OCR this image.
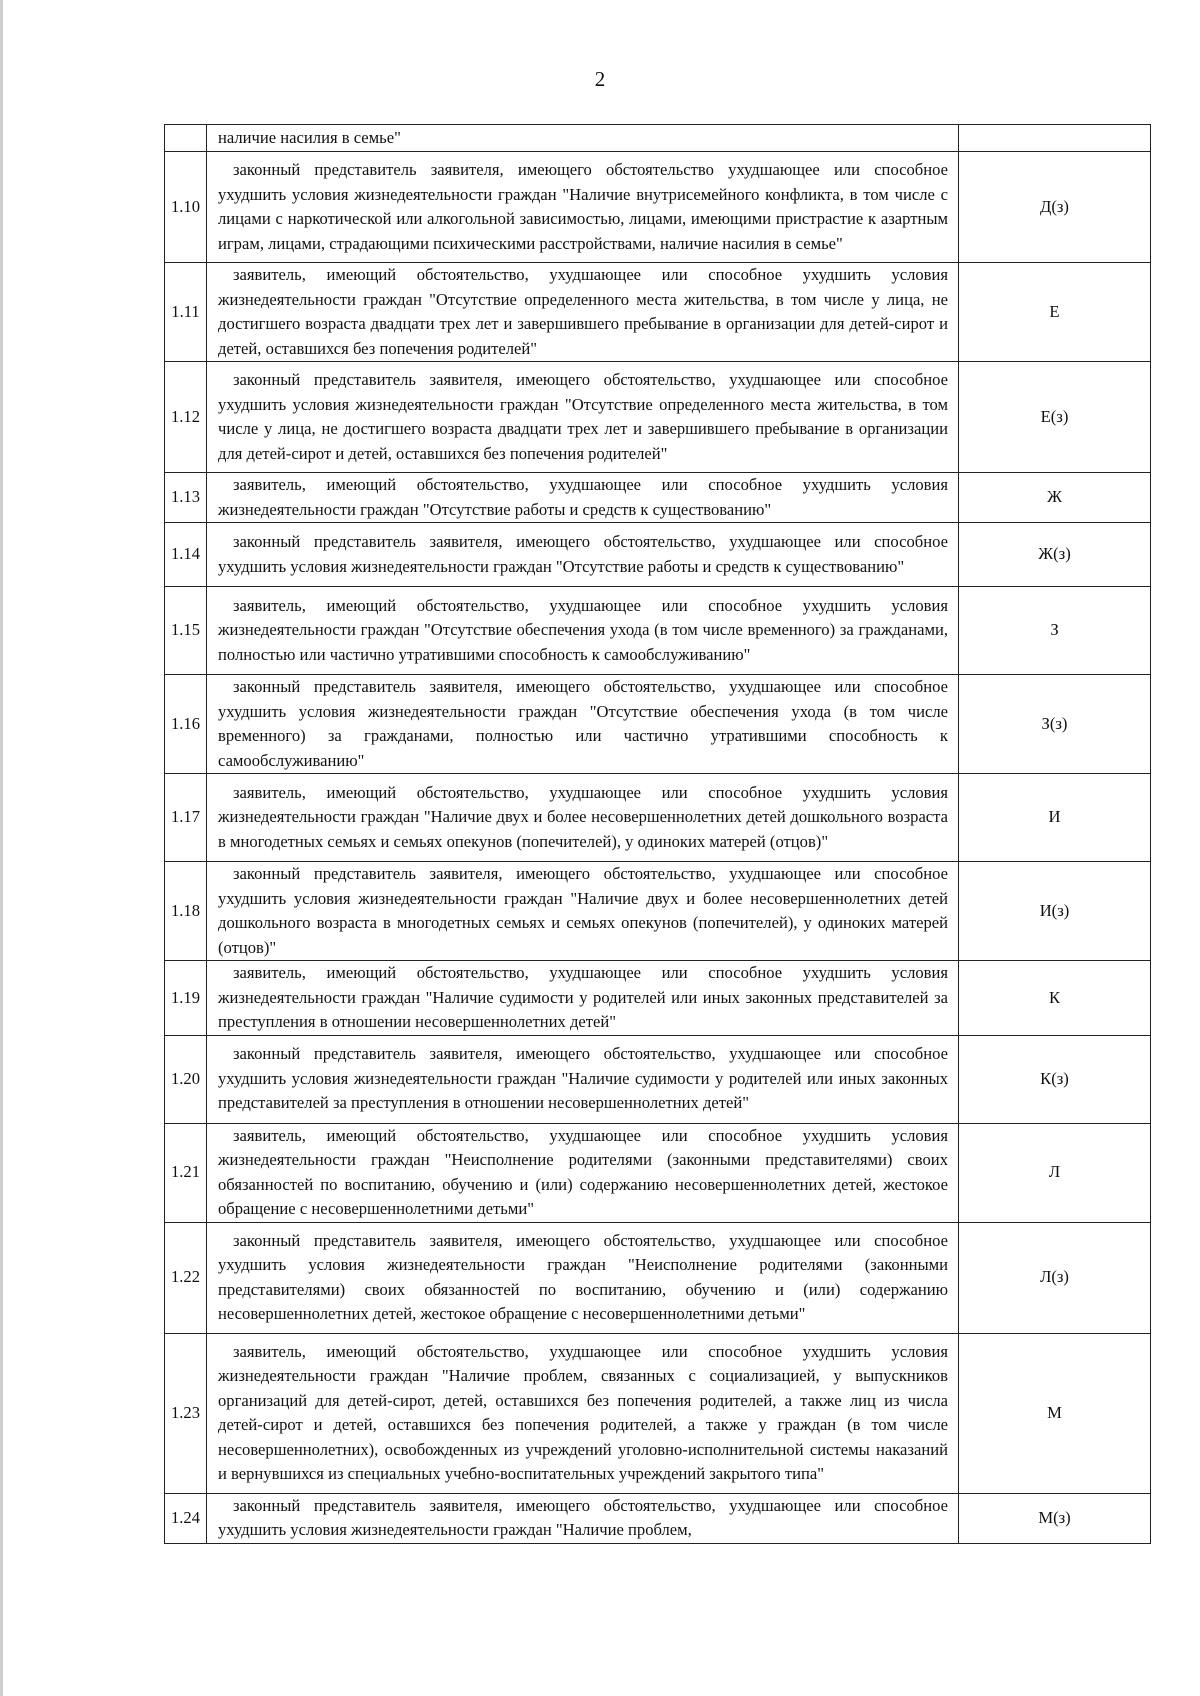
2

	наличие насилия в семье"	

1.10	законный представитель заявителя, имеющего обстоятельство ухудшающее или способное ухудшить условия жизнедеятельности граждан "Наличие внутрисемейного конфликта, в том числе с лицами с наркотической или алкогольной зависимостью, лицами, имеющими пристрастие к азартным играм, лицами, страдающими психическими расстройствами, наличие насилия в семье"	Д(з)
1.11	заявитель, имеющий обстоятельство, ухудшающее или способное ухудшить условия жизнедеятельности граждан "Отсутствие определенного места жительства, в том числе у лица, не достигшего возраста двадцати трех лет и завершившего пребывание в организации для детей-сирот и детей, оставшихся без попечения родителей"	Е
1.12	законный представитель заявителя, имеющего обстоятельство, ухудшающее или способное ухудшить условия жизнедеятельности граждан "Отсутствие определенного места жительства, в том числе у лица, не достигшего возраста двадцати трех лет и завершившего пребывание в организации для детей-сирот и детей, оставшихся без попечения родителей"	Е(з)
1.13	заявитель, имеющий обстоятельство, ухудшающее или способное ухудшить условия жизнедеятельности граждан "Отсутствие работы и средств к существованию"	Ж
1.14	законный представитель заявителя, имеющего обстоятельство, ухудшающее или способное ухудшить условия жизнедеятельности граждан "Отсутствие работы и средств к существованию"	Ж(з)
1.15	заявитель, имеющий обстоятельство, ухудшающее или способное ухудшить условия жизнедеятельности граждан "Отсутствие обеспечения ухода (в том числе временного) за гражданами, полностью или частично утратившими способность к самообслуживанию"	З
1.16	законный представитель заявителя, имеющего обстоятельство, ухудшающее или способное ухудшить условия жизнедеятельности граждан "Отсутствие обеспечения ухода (в том числе временного) за гражданами, полностью или частично утратившими способность к самообслуживанию"	З(з)
1.17	заявитель, имеющий обстоятельство, ухудшающее или способное ухудшить условия жизнедеятельности граждан "Наличие двух и более несовершеннолетних детей дошкольного возраста в многодетных семьях и семьях опекунов (попечителей), у одиноких матерей (отцов)"	И
1.18	законный представитель заявителя, имеющего обстоятельство, ухудшающее или способное ухудшить условия жизнедеятельности граждан "Наличие двух и более несовершеннолетних детей дошкольного возраста в многодетных семьях и семьях опекунов (попечителей), у одиноких матерей (отцов)"	И(з)
1.19	заявитель, имеющий обстоятельство, ухудшающее или способное ухудшить условия жизнедеятельности граждан "Наличие судимости у родителей или иных законных представителей за преступления в отношении несовершеннолетних детей"	К
1.20	законный представитель заявителя, имеющего обстоятельство, ухудшающее или способное ухудшить условия жизнедеятельности граждан "Наличие судимости у родителей или иных законных представителей за преступления в отношении несовершеннолетних детей"	К(з)
1.21	заявитель, имеющий обстоятельство, ухудшающее или способное ухудшить условия жизнедеятельности граждан "Неисполнение родителями (законными представителями) своих обязанностей по воспитанию, обучению и (или) содержанию несовершеннолетних детей, жестокое обращение с несовершеннолетними детьми"	Л
1.22	законный представитель заявителя, имеющего обстоятельство, ухудшающее или способное ухудшить условия жизнедеятельности граждан "Неисполнение родителями (законными представителями) своих обязанностей по воспитанию, обучению и (или) содержанию несовершеннолетних детей, жестокое обращение с несовершеннолетними детьми"	Л(з)
1.23	заявитель, имеющий обстоятельство, ухудшающее или способное ухудшить условия жизнедеятельности граждан "Наличие проблем, связанных с социализацией, у выпускников организаций для детей-сирот, детей, оставшихся без попечения родителей, а также лиц из числа детей-сирот и детей, оставшихся без попечения родителей, а также у граждан (в том числе несовершеннолетних), освобожденных из учреждений уголовно-исполнительной системы наказаний и вернувшихся из специальных учебно-воспитательных учреждений закрытого типа"	М
1.24	законный представитель заявителя, имеющего обстоятельство, ухудшающее или способное ухудшить условия жизнедеятельности граждан "Наличие проблем,	М(з)
